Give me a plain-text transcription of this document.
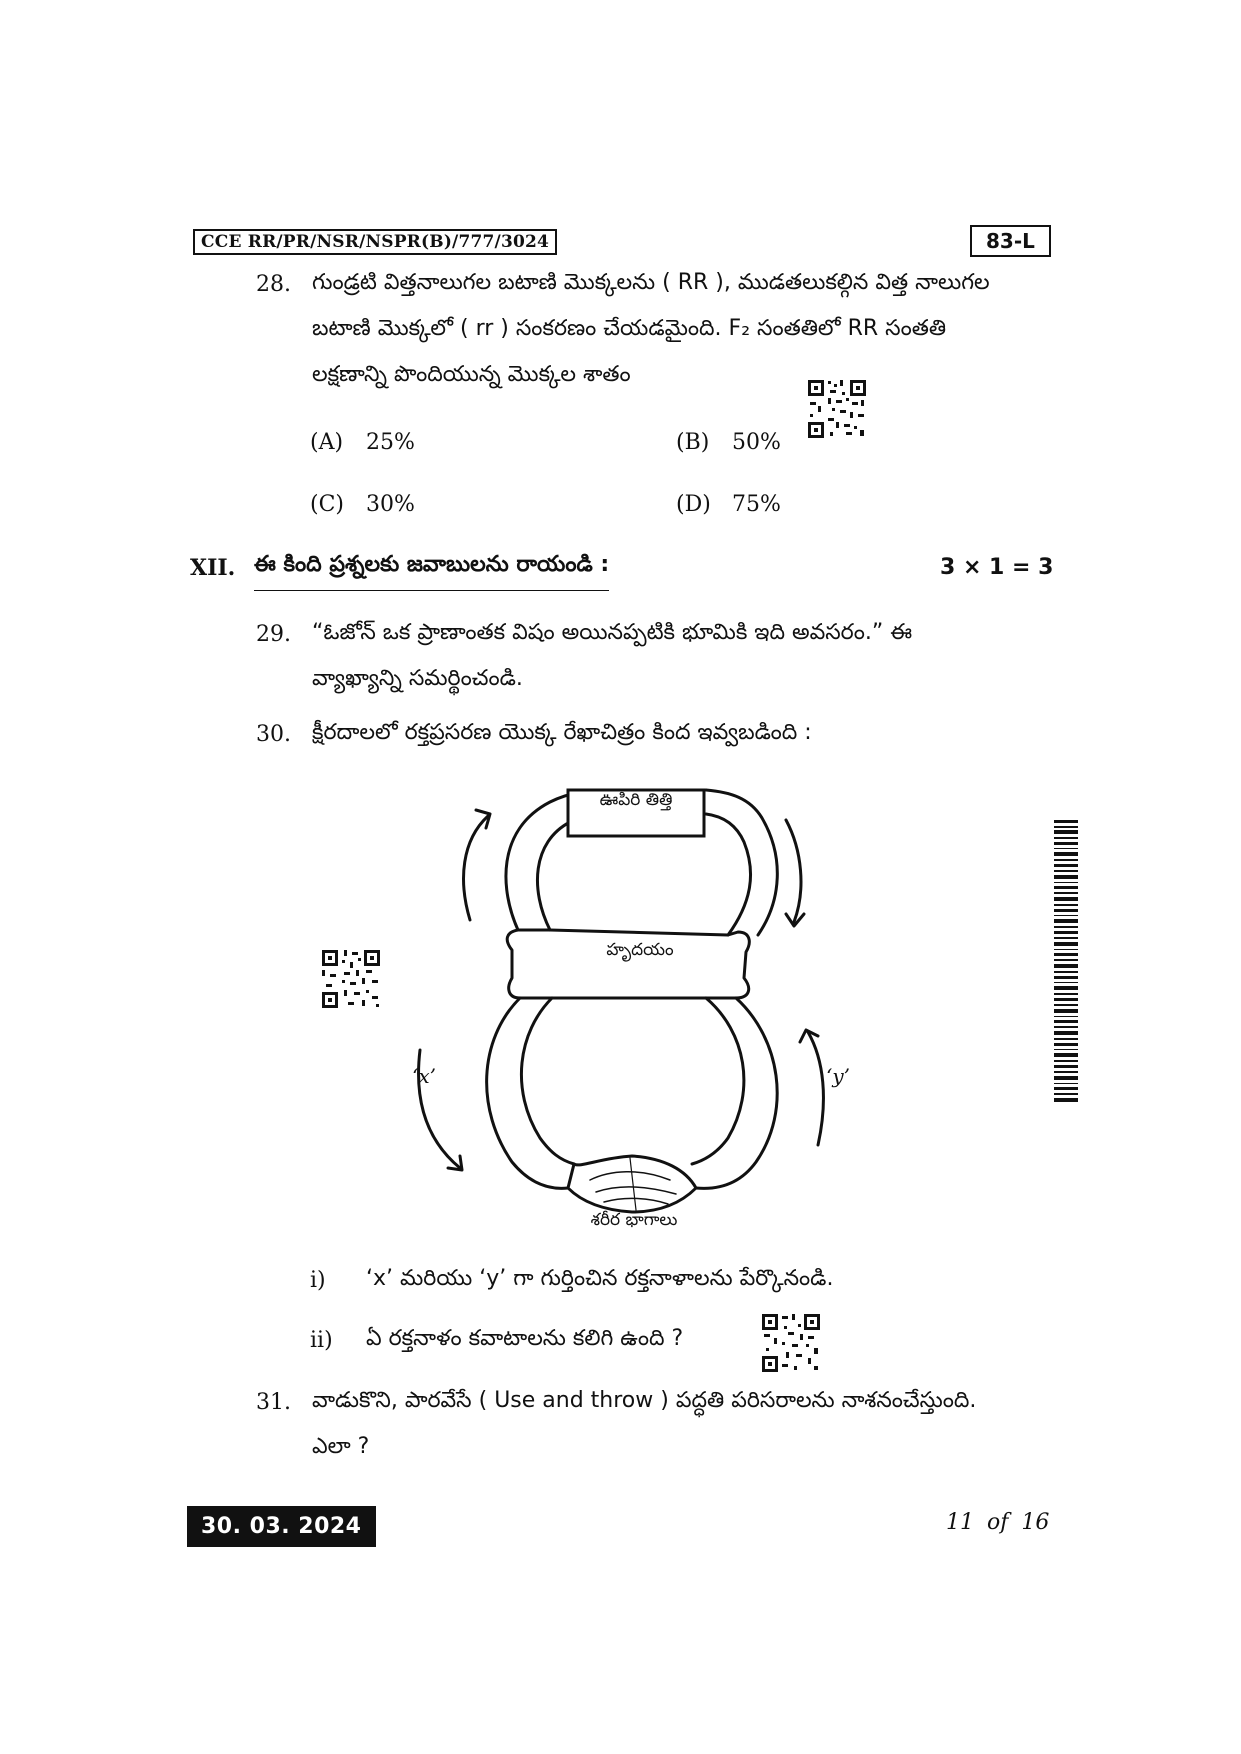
CCE RR/PR/NSR/NSPR(B)/777/3024	83-L
28. గుండ్రటి విత్తనాలుగల బటాణి మొక్కలను ( RR ), ముడతలుకల్గిన విత్త నాలుగల
బటాణి మొక్కలో ( rr ) సంకరణం చేయడమైంది. F₂ సంతతిలో RR సంతతి
లక్షణాన్ని పొందియున్న మొక్కల శాతం
(A) 25%	(B) 50%
(C) 30%	(D) 75%
XII. ఈ కింది ప్రశ్నలకు జవాబులను రాయండి :	3 × 1 = 3
29. “ఓజోన్ ఒక ప్రాణాంతక విషం అయినప్పటికి భూమికి ఇది అవసరం.” ఈ
వ్యాఖ్యాన్ని సమర్థించండి.
30. క్షీరదాలలో రక్తప్రసరణ యొక్క రేఖాచిత్రం కింద ఇవ్వబడింది :
ఊపిరి తిత్తి
హృదయం
శరీర భాగాలు
‘x’	‘y’
i) ‘x’ మరియు ‘y’ గా గుర్తించిన రక్తనాళాలను పేర్కొనండి.
ii) ఏ రక్తనాళం కవాటాలను కలిగి ఉంది ?
31. వాడుకొని, పారవేసే ( Use and throw ) పద్ధతి పరిసరాలను నాశనంచేస్తుంది.
ఎలా ?
30. 03. 2024	11 of 16
